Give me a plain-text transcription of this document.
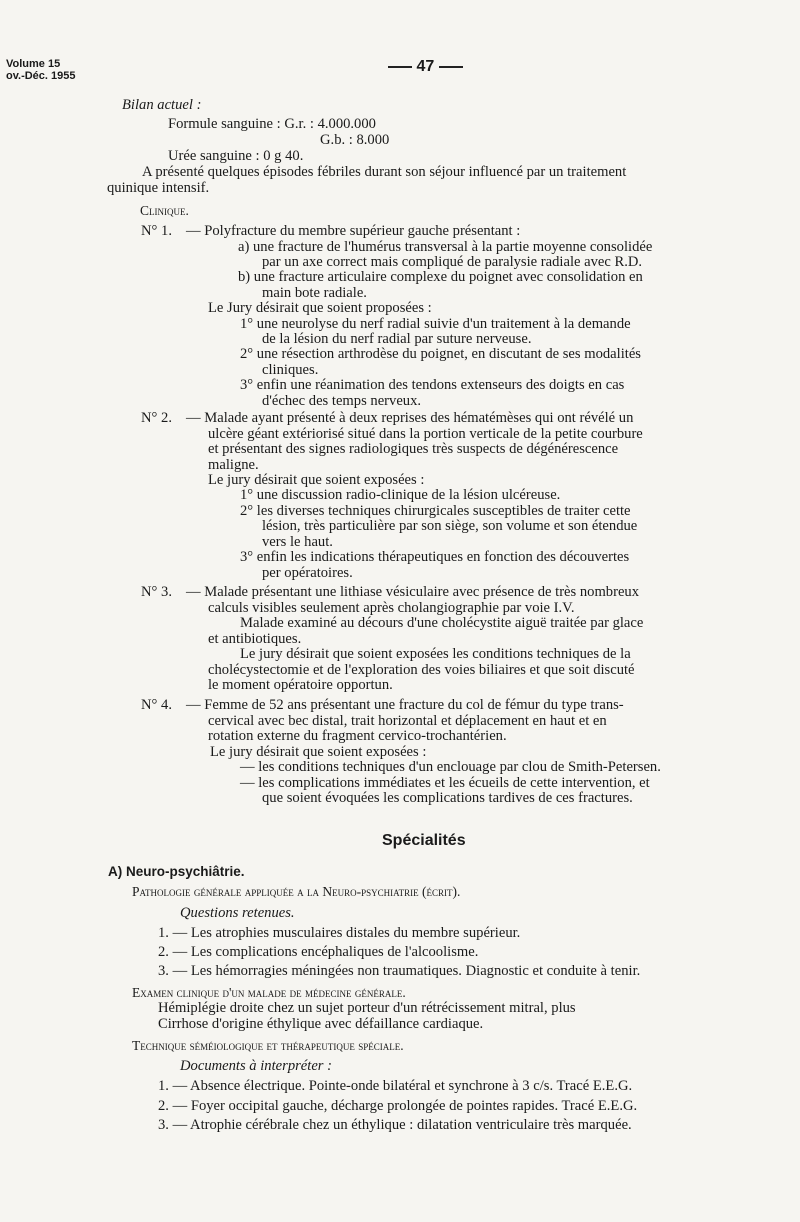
Volume 15
ov.-Déc. 1955
47
Bilan actuel :
Formule sanguine : G.r. : 4.000.000
G.b. : 8.000
Urée sanguine : 0 g 40.
A présenté quelques épisodes fébriles durant son séjour influencé par un traitement
quinique intensif.
Clinique.
N° 1. — Polyfracture du membre supérieur gauche présentant :
a) une fracture de l'humérus transversal à la partie moyenne consolidée
par un axe correct mais compliqué de paralysie radiale avec R.D.
b) une fracture articulaire complexe du poignet avec consolidation en
main bote radiale.
Le Jury désirait que soient proposées :
1° une neurolyse du nerf radial suivie d'un traitement à la demande
de la lésion du nerf radial par suture nerveuse.
2° une résection arthrodèse du poignet, en discutant de ses modalités
cliniques.
3° enfin une réanimation des tendons extenseurs des doigts en cas
d'échec des temps nerveux.
N° 2. — Malade ayant présenté à deux reprises des hématémèses qui ont révélé un
ulcère géant extériorisé situé dans la portion verticale de la petite courbure
et présentant des signes radiologiques très suspects de dégénérescence
maligne.
Le jury désirait que soient exposées :
1° une discussion radio-clinique de la lésion ulcéreuse.
2° les diverses techniques chirurgicales susceptibles de traiter cette
lésion, très particulière par son siège, son volume et son étendue
vers le haut.
3° enfin les indications thérapeutiques en fonction des découvertes
per opératoires.
N° 3. — Malade présentant une lithiase vésiculaire avec présence de très nombreux
calculs visibles seulement après cholangiographie par voie I.V.
Malade examiné au décours d'une cholécystite aiguë traitée par glace
et antibiotiques.
Le jury désirait que soient exposées les conditions techniques de la
cholécystectomie et de l'exploration des voies biliaires et que soit discuté
le moment opératoire opportun.
N° 4. — Femme de 52 ans présentant une fracture du col de fémur du type trans-
cervical avec bec distal, trait horizontal et déplacement en haut et en
rotation externe du fragment cervico-trochantérien.
Le jury désirait que soient exposées :
— les conditions techniques d'un enclouage par clou de Smith-Petersen.
— les complications immédiates et les écueils de cette intervention, et
que soient évoquées les complications tardives de ces fractures.
Spécialités
A) Neuro-psychiâtrie.
Pathologie générale appliquée a la Neuro-psychiatrie (écrit).
Questions retenues.
1. — Les atrophies musculaires distales du membre supérieur.
2. — Les complications encéphaliques de l'alcoolisme.
3. — Les hémorragies méningées non traumatiques. Diagnostic et conduite à tenir.
Examen clinique d'un malade de médecine générale.
Hémiplégie droite chez un sujet porteur d'un rétrécissement mitral, plus
Cirrhose d'origine éthylique avec défaillance cardiaque.
Technique séméiologique et thérapeutique spéciale.
Documents à interpréter :
1. — Absence électrique. Pointe-onde bilatéral et synchrone à 3 c/s. Tracé E.E.G.
2. — Foyer occipital gauche, décharge prolongée de pointes rapides. Tracé E.E.G.
3. — Atrophie cérébrale chez un éthylique : dilatation ventriculaire très marquée.
